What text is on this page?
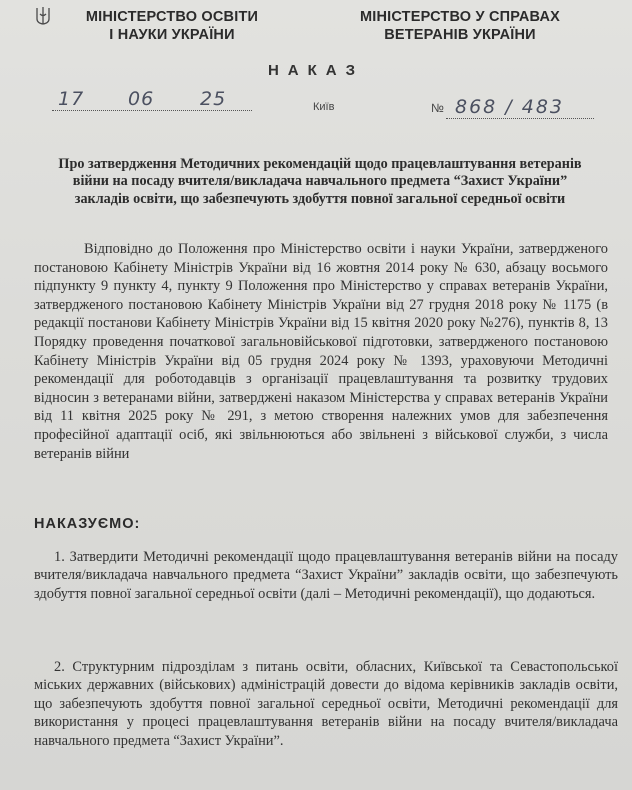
МІНІСТЕРСТВО ОСВІТИ
І НАУКИ УКРАЇНИ
МІНІСТЕРСТВО У СПРАВАХ
ВЕТЕРАНІВ УКРАЇНИ
НАКАЗ
17 06 25	Київ	№ 868 / 483
Про затвердження Методичних рекомендацій щодо працевлаштування ветеранів війни на посаду вчителя/викладача навчального предмета “Захист України” закладів освіти, що забезпечують здобуття повної загальної середньої освіти
Відповідно до Положення про Міністерство освіти і науки України, затвердженого постановою Кабінету Міністрів України від 16 жовтня 2014 року № 630, абзацу восьмого підпункту 9 пункту 4, пункту 9 Положення про Міністерство у справах ветеранів України, затвердженого постановою Кабінету Міністрів України від 27 грудня 2018 року № 1175 (в редакції постанови Кабінету Міністрів України від 15 квітня 2020 року №276), пунктів 8, 13 Порядку проведення початкової загальновійськової підготовки, затвердженого постановою Кабінету Міністрів України від 05 грудня 2024 року № 1393, ураховуючи Методичні рекомендації для роботодавців з організації працевлаштування та розвитку трудових відносин з ветеранами війни, затверджені наказом Міністерства у справах ветеранів України від 11 квітня 2025 року № 291, з метою створення належних умов для забезпечення професійної адаптації осіб, які звільнюються або звільнені з військової служби, з числа ветеранів війни
НАКАЗУЄМО:
1. Затвердити Методичні рекомендації щодо працевлаштування ветеранів війни на посаду вчителя/викладача навчального предмета “Захист України” закладів освіти, що забезпечують здобуття повної загальної середньої освіти (далі – Методичні рекомендації), що додаються.
2. Структурним підрозділам з питань освіти, обласних, Київської та Севастопольської міських державних (військових) адміністрацій довести до відома керівників закладів освіти, що забезпечують здобуття повної загальної середньої освіти, Методичні рекомендації для використання у процесі працевлаштування ветеранів війни на посаду вчителя/викладача навчального предмета “Захист України”.
